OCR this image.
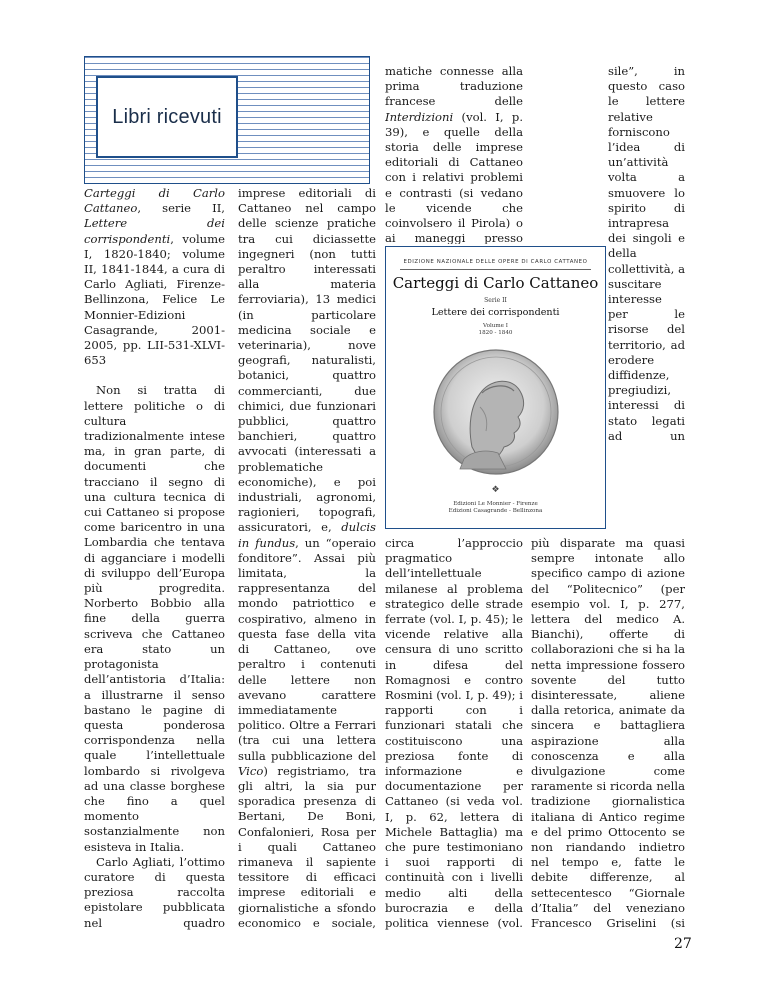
Libri ricevuti

Carteggi di Carlo Cattaneo, serie II, Lettere dei corrispondenti, volume I, 1820-1840; volume II, 1841-1844, a cura di Carlo Agliati, Firenze-Bellinzona, Felice Le Monnier-Edizioni Casagrande, 2001-2005, pp. LII-531-XLVI-653

Non si tratta di lettere politiche o di cultura tradizionalmente intese ma, in gran parte, di documenti che tracciano il segno di una cultura tecnica di cui Cattaneo si propose come baricentro in una Lombardia che tentava di agganciare i modelli di sviluppo dell’Europa più progredita. Norberto Bobbio alla fine della guerra scriveva che Cattaneo era stato un protagonista dell’antistoria d’Italia: a illustrarne il senso bastano le pagine di questa ponderosa corrispondenza nella quale l’intellettuale lombardo si rivolgeva ad una classe borghese che fino a quel momento sostanzialmente non esisteva in Italia.

Carlo Agliati, l’ottimo curatore di questa preziosa raccolta epistolare pubblicata nel quadro

imprese editoriali di Cattaneo nel campo delle scienze pratiche tra cui diciassette ingegneri (non tutti peraltro interessati alla materia ferroviaria), 13 medici (in particolare medicina sociale e veterinaria), nove geografi, naturalisti, botanici, quattro commercianti, due chimici, due funzionari pubblici, quattro banchieri, quattro avvocati (interessati a problematiche economiche), e poi industriali, agronomi, ragionieri, topografi, assicuratori, e, dulcis in fundus, un “operaio fonditore”. Assai più limitata, la rappresentanza del mondo patriottico e cospirativo, almeno in questa fase della vita di Cattaneo, ove peraltro i contenuti delle lettere non avevano carattere immediatamente politico. Oltre a Ferrari (tra cui una lettera sulla pubblicazione del Vico) registriamo, tra gli altri, la sia pur sporadica presenza di Bertani, De Boni, Confalonieri, Rosa per i quali Cattaneo rimaneva il sapiente tessitore di efficaci imprese editoriali e giornalistiche a sfondo economico e sociale,

matiche connesse alla prima traduzione francese delle Interdizioni (vol. I, p. 39), e quelle della storia delle imprese editoriali di Cattaneo con i relativi problemi e contrasti (si vedano le vicende che coinvolsero il Pirola) o ai maneggi presso

circa l’approccio pragmatico dell’intellettuale milanese al problema strategico delle strade ferrate (vol. I, p. 45); le vicende relative alla censura di uno scritto in difesa del Romagnosi e contro Rosmini (vol. I, p. 49); i rapporti con i funzionari statali che costituiscono una preziosa fonte di informazione e documentazione per Cattaneo (si veda vol. I, p. 62, lettera di Michele Battaglia) ma che pure testimoniano i suoi rapporti di continuità con i livelli medio alti della burocrazia e della politica viennese (vol.

sile”, in questo caso le lettere relative forniscono l’idea di un’attività volta a smuovere lo spirito di intrapresa dei singoli e della collettività, a suscitare interesse per le risorse del territorio, ad erodere diffidenze, pregiudizi, interessi di stato legati ad un

più disparate ma quasi sempre intonate allo specifico campo di azione del “Politecnico” (per esempio vol. I, p. 277, lettera del medico A. Bianchi), offerte di collaborazioni che si ha la netta impressione fossero sovente del tutto disinteressate, aliene dalla retorica, animate da sincera e battagliera aspirazione alla conoscenza e alla divulgazione come raramente si ricorda nella tradizione giornalistica italiana di Antico regime e del primo Ottocento se non riandando indietro nel tempo e, fatte le debite differenze, al settecentesco “Giornale d’Italia” del veneziano Francesco Griselini (si

EDIZIONE NAZIONALE DELLE OPERE DI CARLO CATTANEO
Carteggi di Carlo Cattaneo
Serie II
Lettere dei corrispondenti
Volume I
1820 - 1840
❖
Edizioni Le Monnier - Firenze
Edizioni Casagrande - Bellinzona
27
